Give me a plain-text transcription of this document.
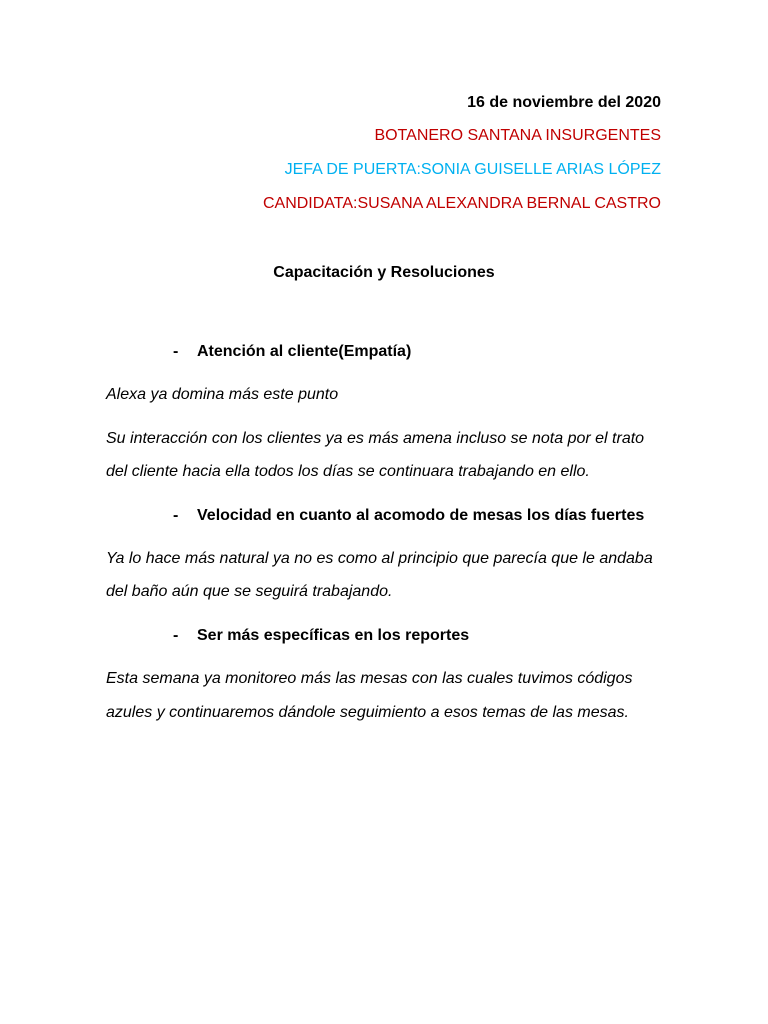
16 de noviembre del 2020
BOTANERO SANTANA INSURGENTES
JEFA DE PUERTA:SONIA GUISELLE ARIAS LÓPEZ
CANDIDATA:SUSANA ALEXANDRA BERNAL CASTRO
Capacitación y Resoluciones
- Atención al cliente(Empatía)
Alexa ya domina más este punto
Su interacción con los clientes ya es más amena incluso se nota por el trato
del cliente hacia ella todos los días se continuara trabajando en ello.
- Velocidad en cuanto al acomodo de mesas los días fuertes
Ya lo hace más natural ya no es como al principio que parecía que le andaba
del baño aún que se seguirá trabajando.
- Ser más específicas en los reportes
Esta semana ya monitoreo más las mesas con las cuales tuvimos códigos
azules y continuaremos dándole seguimiento a esos temas de las mesas.
